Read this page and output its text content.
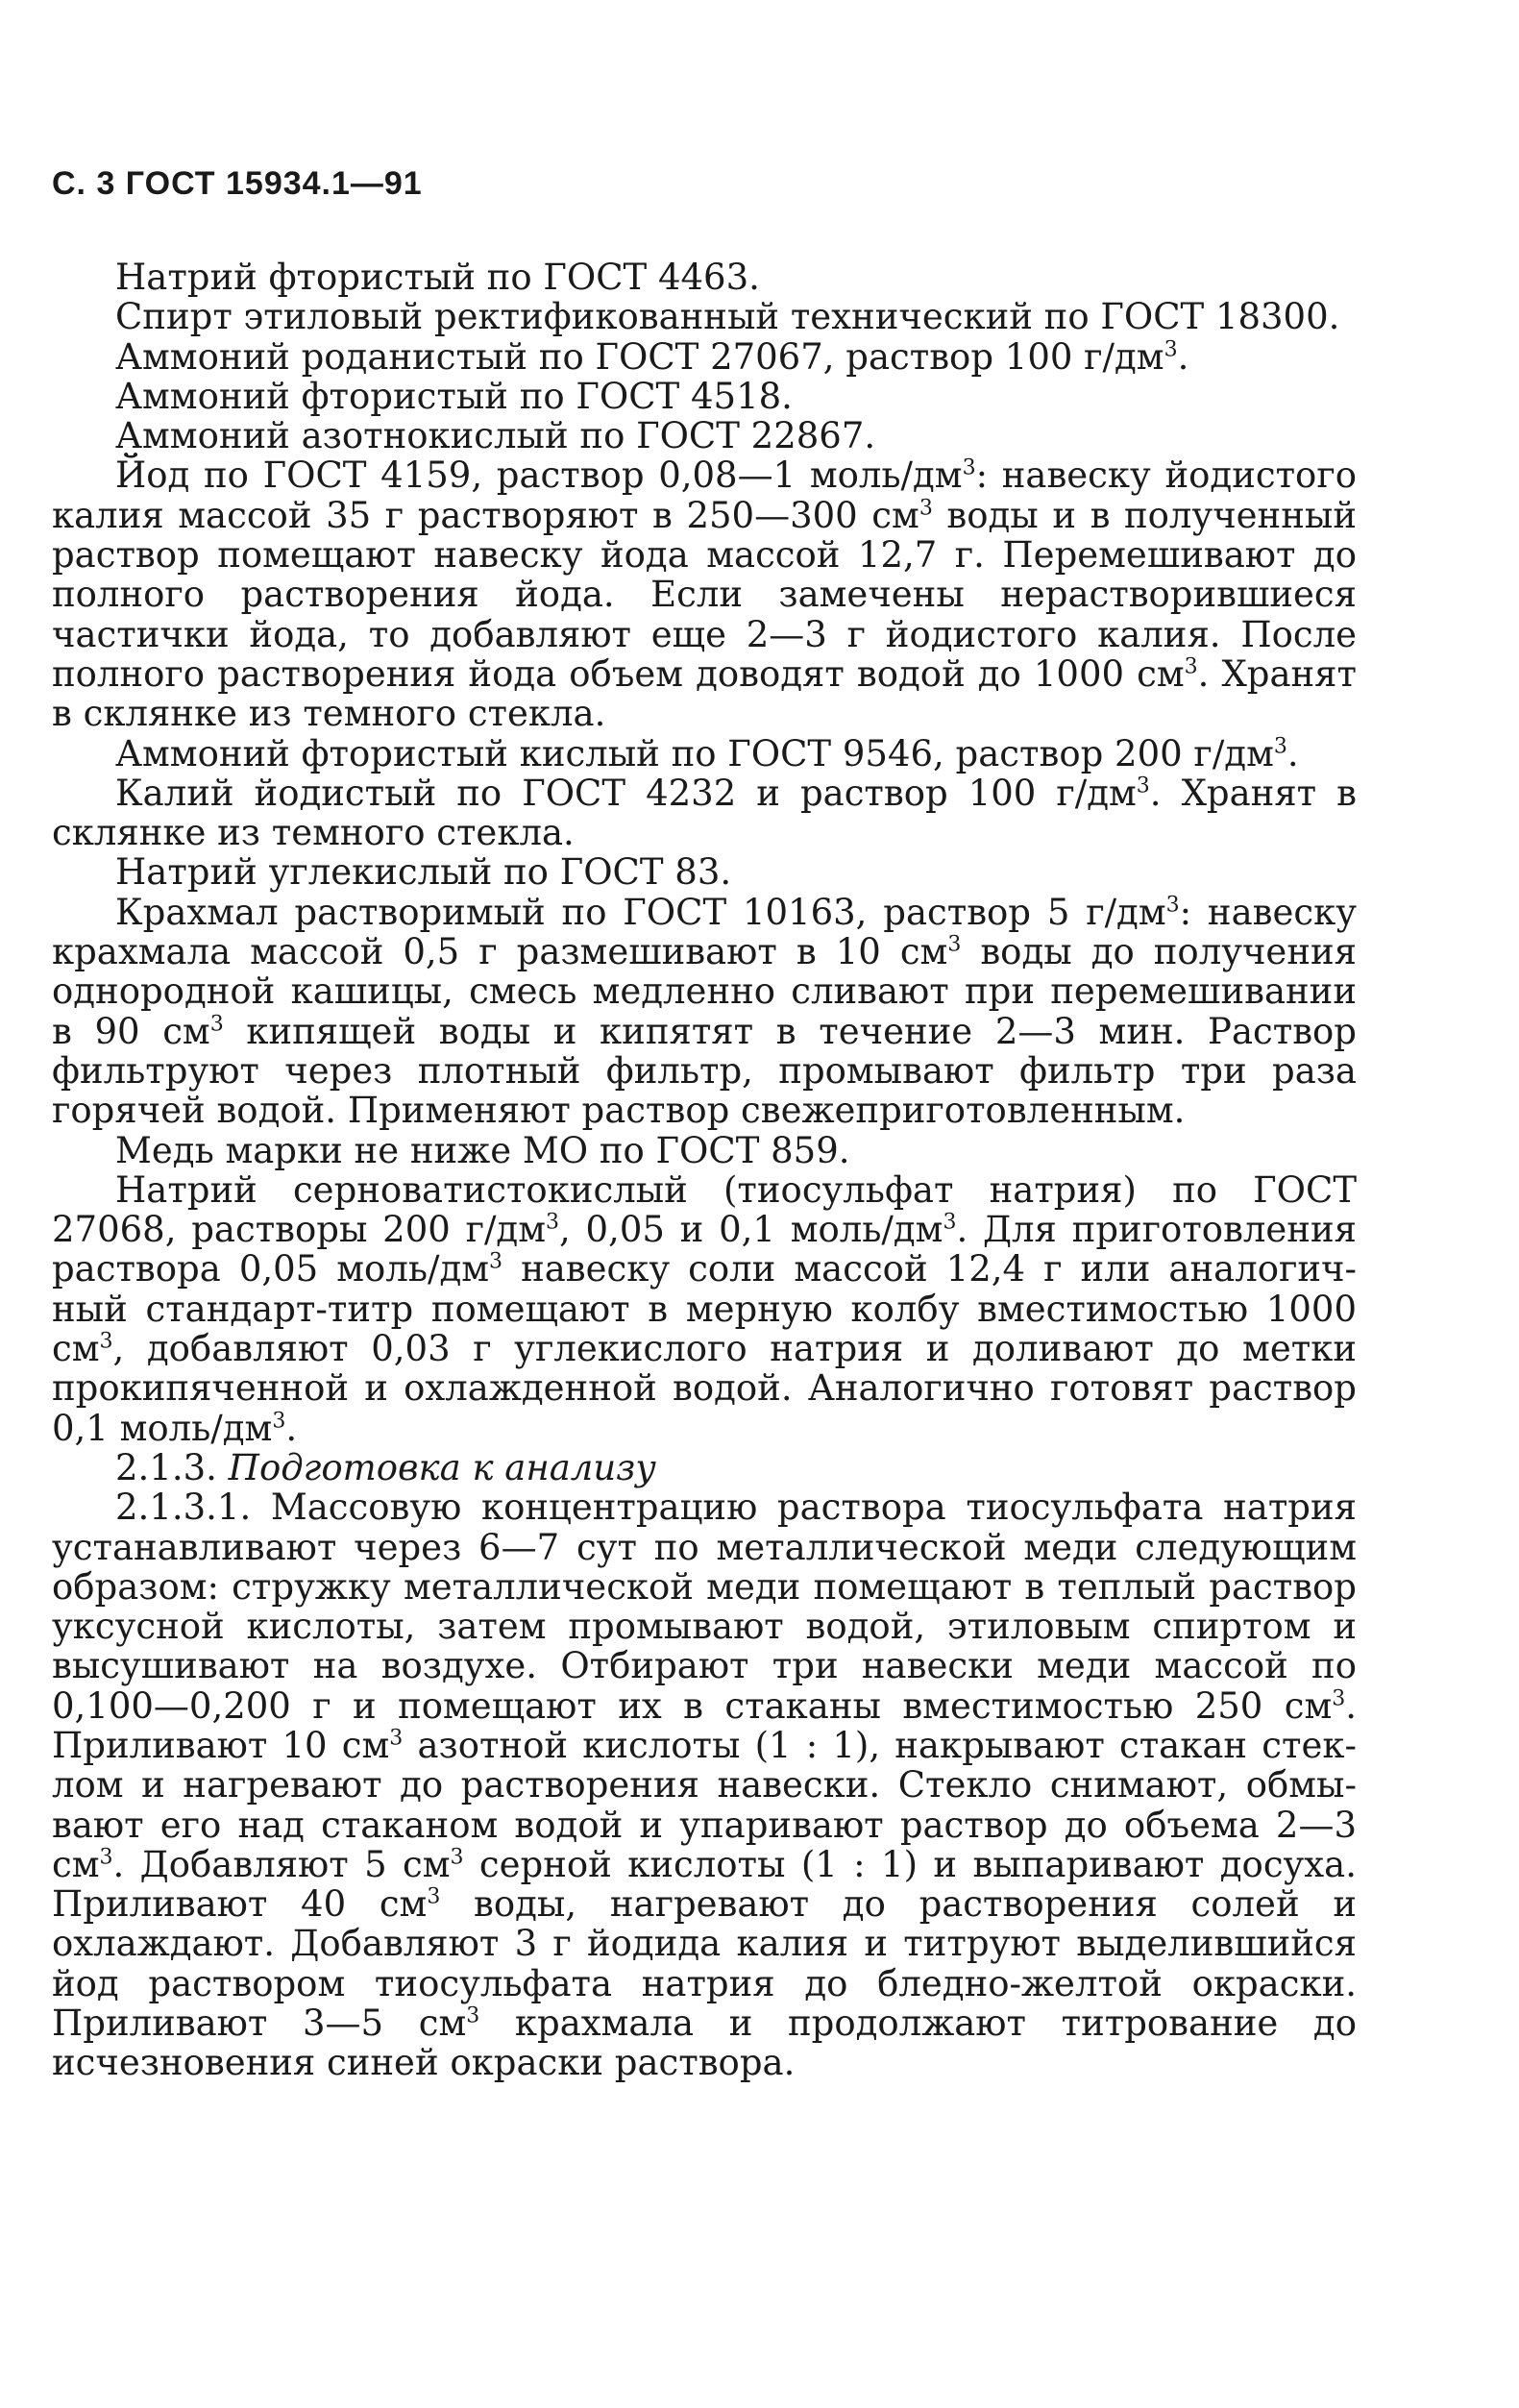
С. 3 ГОСТ 15934.1—91

Натрий фтористый по ГОСТ 4463.

Спирт этиловый ректификованный технический по ГОСТ 18300.

Аммоний роданистый по ГОСТ 27067, раствор 100 $г/дм^3$.

Аммоний фтористый по ГОСТ 4518.

Аммоний азотнокислый по ГОСТ 22867.

Йод по ГОСТ 4159, раствор 0,08—1 моль/$дм^3$: навеску йодистого калия массой 35 г растворяют в 250—300 $см^3$ воды и в полученный раствор помещают навеску йода массой 12,7 г. Перемешивают до полного растворения йода. Если замечены нерастворившиеся частички йода, то добавляют еще 2—3 г йодистого калия. После полного растворения йода объем доводят водой до 1000 $см^3$. Хранят в склянке из темного стекла.

Аммоний фтористый кислый по ГОСТ 9546, раствор 200 $г/дм^3$.

Калий йодистый по ГОСТ 4232 и раствор 100 $г/дм^3$. Хранят в склянке из темного стекла.

Натрий углекислый по ГОСТ 83.

Крахмал растворимый по ГОСТ 10163, раствор 5 $г/дм^3$: навеску крахмала массой 0,5 г размешивают в 10 $см^3$ воды до получения однородной кашицы, смесь медленно сливают при перемешивании в 90 $см^3$ кипящей воды и кипятят в течение 2—3 мин. Раствор фильтруют через плотный фильтр, промывают фильтр три раза горячей водой. Применяют раствор свежеприготовленным.

Медь марки не ниже МО по ГОСТ 859.

Натрий серноватистокислый (тиосульфат натрия) по ГОСТ 27068, растворы 200 $г/дм^3$, 0,05 и 0,1 моль/$дм^3$. Для приготовления раствора 0,05 моль/$дм^3$ навеску соли массой 12,4 г или аналогичный стандарт-титр помещают в мерную колбу вместимостью 1000 $см^3$, добавляют 0,03 г углекислого натрия и доливают до метки прокипяченной и охлажденной водой. Аналогично готовят раствор 0,1 моль/$дм^3$.

2.1.3. Подготовка к анализу

2.1.3.1. Массовую концентрацию раствора тиосульфата натрия устанавливают через 6—7 сут по металлической меди следующим образом: стружку металлической меди помещают в теплый раствор уксусной кислоты, затем промывают водой, этиловым спиртом и высушивают на воздухе. Отбирают три навески меди массой по 0,100—0,200 г и помещают их в стаканы вместимостью 250 $см^3$. Приливают 10 $см^3$ азотной кислоты (1 : 1), накрывают стакан стеклом и нагревают до растворения навески. Стекло снимают, обмывают его над стаканом водой и упаривают раствор до объема 2—3 $см^3$. Добавляют 5 $см^3$ серной кислоты (1 : 1) и выпаривают досуха. Приливают 40 $см^3$ воды, нагревают до растворения солей и охлаждают. Добавляют 3 г йодида калия и титруют выделившийся йод раствором тиосульфата натрия до бледно-желтой окраски. Приливают 3—5 $см^3$ крахмала и продолжают титрование до исчезновения синей окраски раствора.
